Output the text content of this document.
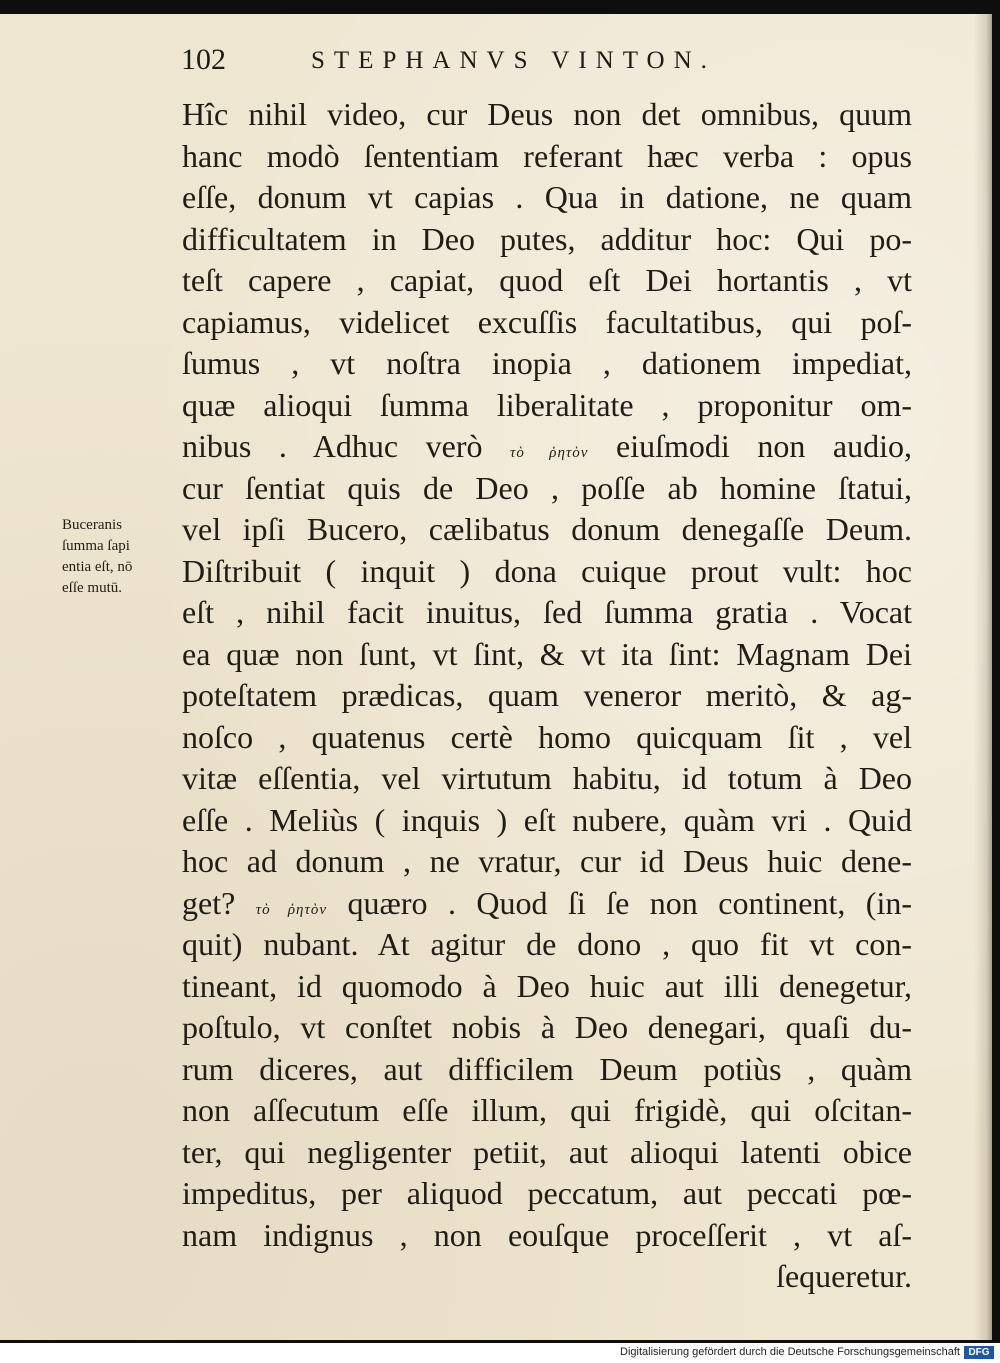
102	STEPHANVS VINTON.
Buceranis
ſumma ſapi
entia eſt, nō
eſſe mutū.
Hîc nihil video, cur Deus non det omnibus, quum
hanc modò ſententiam referant hæc verba : opus
eſſe, donum vt capias . Qua in datione, ne quam
difficultatem in Deo putes, additur hoc: Qui po-
teſt capere , capiat, quod eſt Dei hortantis , vt
capiamus, videlicet excuſſis facultatibus, qui poſ-
ſumus , vt noſtra inopia , dationem impediat,
quæ alioqui ſumma liberalitate , proponitur om-
nibus . Adhuc verò τὸ ῥητὸν eiuſmodi non audio,
cur ſentiat quis de Deo , poſſe ab homine ſtatui,
vel ipſi Bucero, cælibatus donum denegaſſe Deum.
Diſtribuit ( inquit ) dona cuique prout vult: hoc
eſt , nihil facit inuitus, ſed ſumma gratia . Vocat
ea quæ non ſunt, vt ſint, & vt ita ſint: Magnam Dei
poteſtatem prædicas, quam veneror meritò, & ag-
noſco , quatenus certè homo quicquam ſit , vel
vitæ eſſentia, vel virtutum habitu, id totum à Deo
eſſe . Meliùs ( inquis ) eſt nubere, quàm vri . Quid
hoc ad donum , ne vratur, cur id Deus huic dene-
get? τὸ ῥητὸν quæro . Quod ſi ſe non continent, (in-
quit) nubant. At agitur de dono , quo fit vt con-
tineant, id quomodo à Deo huic aut illi denegetur,
poſtulo, vt conſtet nobis à Deo denegari, quaſi du-
rum diceres, aut difficilem Deum potiùs , quàm
non aſſecutum eſſe illum, qui frigidè, qui oſcitan-
ter, qui negligenter petiit, aut alioqui latenti obice
impeditus, per aliquod peccatum, aut peccati pœ-
nam indignus , non eouſque proceſſerit , vt aſ-
ſequeretur.
Digitalisierung gefördert durch die Deutsche Forschungsgemeinschaft DFG
